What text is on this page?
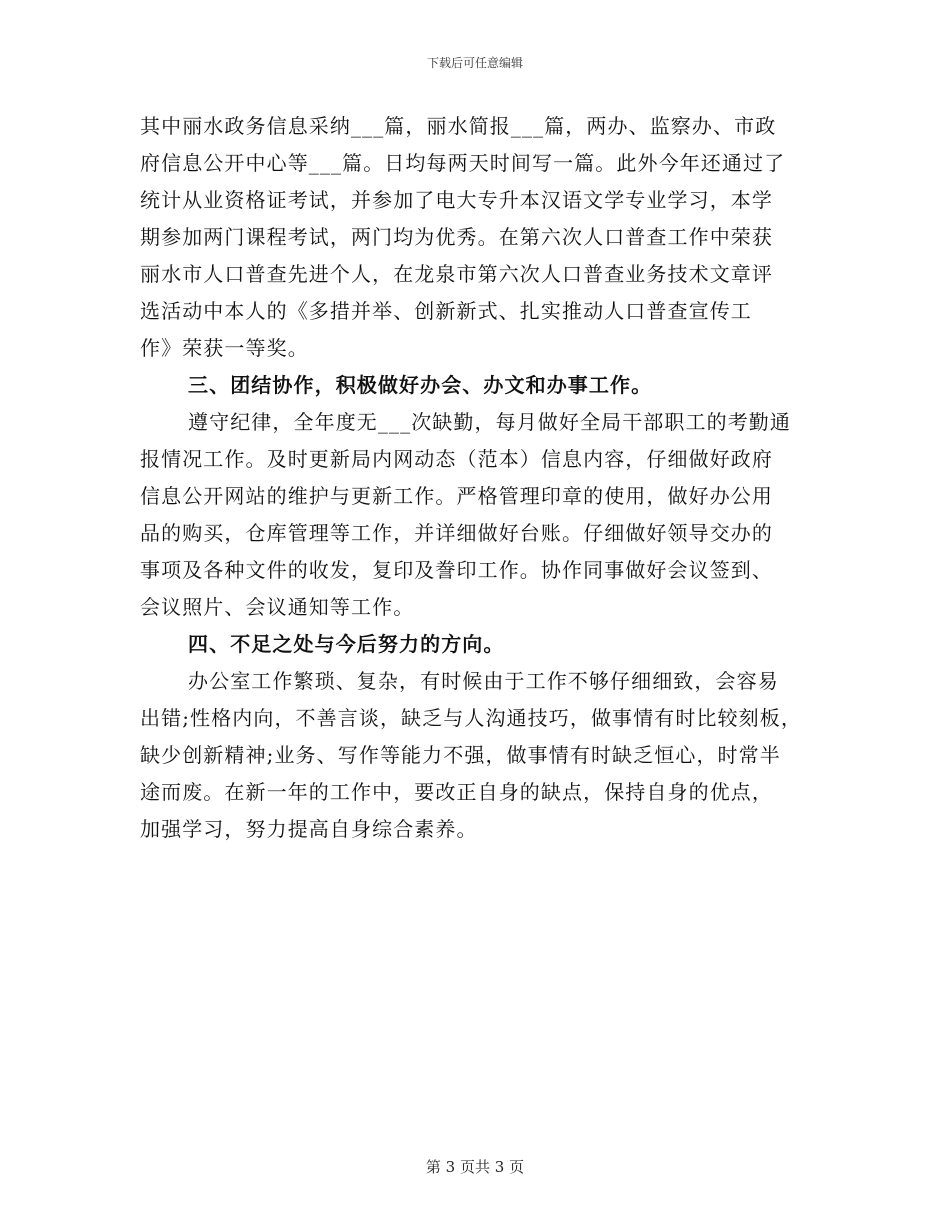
下载后可任意编辑
其中丽水政务信息采纳___篇，丽水简报___篇，两办、监察办、市政
府信息公开中心等___篇。日均每两天时间写一篇。此外今年还通过了
统计从业资格证考试，并参加了电大专升本汉语文学专业学习，本学
期参加两门课程考试，两门均为优秀。在第六次人口普查工作中荣获
丽水市人口普查先进个人，在龙泉市第六次人口普查业务技术文章评
选活动中本人的《多措并举、创新新式、扎实推动人口普查宣传工
作》荣获一等奖。
三、团结协作，积极做好办会、办文和办事工作。
遵守纪律，全年度无___次缺勤，每月做好全局干部职工的考勤通
报情况工作。及时更新局内网动态（范本）信息内容，仔细做好政府
信息公开网站的维护与更新工作。严格管理印章的使用，做好办公用
品的购买，仓库管理等工作，并详细做好台账。仔细做好领导交办的
事项及各种文件的收发，复印及誊印工作。协作同事做好会议签到、
会议照片、会议通知等工作。
四、不足之处与今后努力的方向。
办公室工作繁琐、复杂，有时候由于工作不够仔细细致，会容易
出错;性格内向，不善言谈，缺乏与人沟通技巧，做事情有时比较刻板，
缺少创新精神;业务、写作等能力不强，做事情有时缺乏恒心，时常半
途而废。在新一年的工作中，要改正自身的缺点，保持自身的优点，
加强学习，努力提高自身综合素养。
第 3 页共 3 页
